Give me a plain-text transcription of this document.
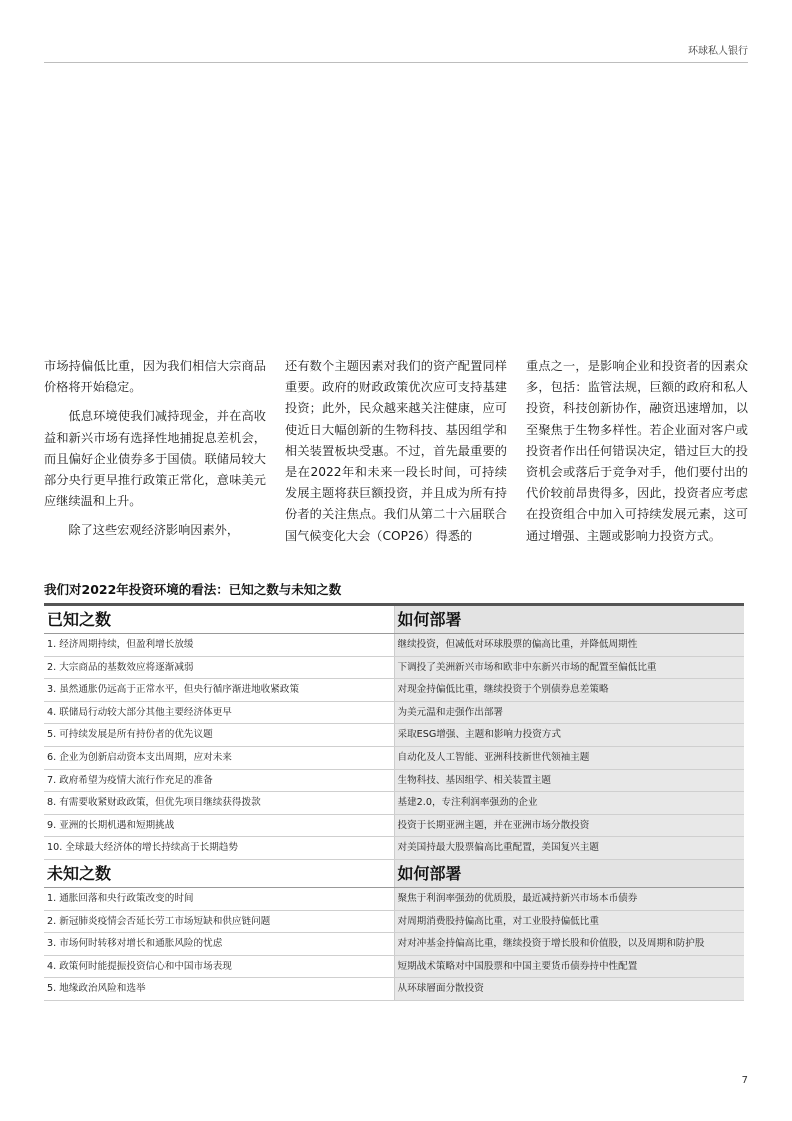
环球私人银行

市场持偏低比重，因为我们相信大宗商品价格将开始稳定。

低息环境使我们减持现金，并在高收益和新兴市场有选择性地捕捉息差机会，而且偏好企业债券多于国债。联储局较大部分央行更早推行政策正常化，意味美元应继续温和上升。

除了这些宏观经济影响因素外，

还有数个主题因素对我们的资产配置同样重要。政府的财政政策优次应可支持基建投资；此外，民众越来越关注健康，应可使近日大幅创新的生物科技、基因组学和相关装置板块受惠。不过，首先最重要的是在2022年和未来一段长时间，可持续发展主题将获巨额投资，并且成为所有持份者的关注焦点。我们从第二十六届联合国气候变化大会（COP26）得悉的

重点之一，是影响企业和投资者的因素众多，包括：监管法规，巨额的政府和私人投资，科技创新协作，融资迅速增加，以至聚焦于生物多样性。若企业面对客户或投资者作出任何错误决定，错过巨大的投资机会或落后于竞争对手，他们要付出的代价较前昂贵得多，因此，投资者应考虑在投资组合中加入可持续发展元素，这可通过增强、主题或影响力投资方式。

我们对2022年投资环境的看法：已知之数与未知之数
已知之数	如何部署
1. 经济周期持续，但盈利增长放缓	继续投资，但减低对环球股票的偏高比重，并降低周期性
2. 大宗商品的基数效应将逐渐减弱	下调投了美洲新兴市场和欧非中东新兴市场的配置至偏低比重
3. 虽然通胀仍远高于正常水平，但央行循序渐进地收紧政策	对现金持偏低比重，继续投资于个别债券息差策略
4. 联储局行动较大部分其他主要经济体更早	为美元温和走强作出部署
5. 可持续发展是所有持份者的优先议题	采取ESG增强、主题和影响力投资方式
6. 企业为创新启动资本支出周期，应对未来	自动化及人工智能、亚洲科技新世代领袖主题
7. 政府希望为疫情大流行作充足的准备	生物科技、基因组学、相关装置主题
8. 有需要收紧财政政策，但优先项目继续获得拨款	基建2.0，专注利润率强劲的企业
9. 亚洲的长期机遇和短期挑战	投资于长期亚洲主题，并在亚洲市场分散投资
10. 全球最大经济体的增长持续高于长期趋势	对美国持最大股票偏高比重配置，美国复兴主题
未知之数	如何部署
1. 通胀回落和央行政策改变的时间	聚焦于利润率强劲的优质股，最近减持新兴市场本币债券
2. 新冠肺炎疫情会否延长劳工市场短缺和供应链问题	对周期消费股持偏高比重，对工业股持偏低比重
3. 市场何时转移对增长和通胀风险的忧虑	对对冲基金持偏高比重，继续投资于增长股和价值股，以及周期和防护股
4. 政策何时能提振投资信心和中国市场表现	短期战术策略对中国股票和中国主要货币债券持中性配置
5. 地缘政治风险和选举	从环球層面分散投资
7
